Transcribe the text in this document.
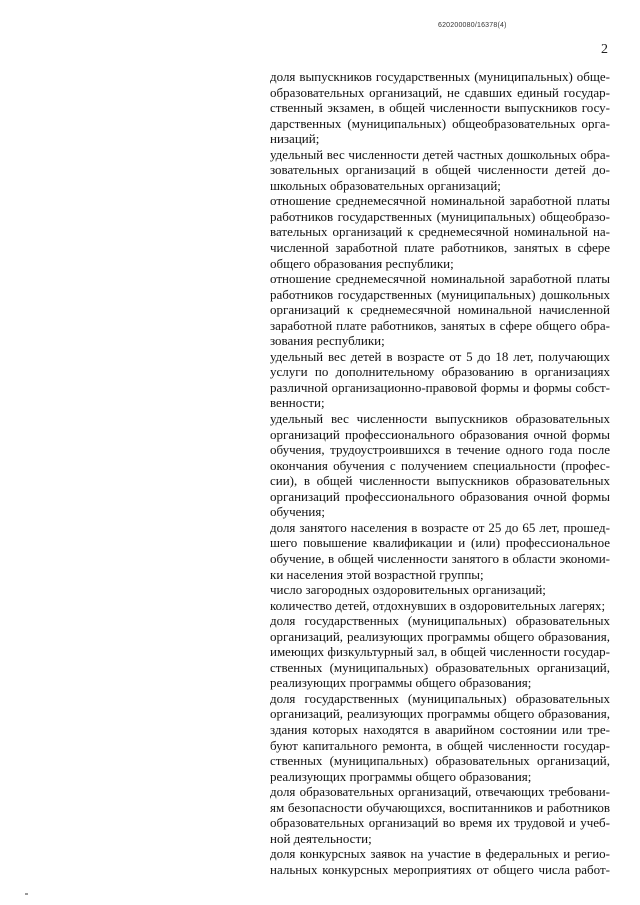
620200080/16378(4)
2
доля выпускников государственных (муниципальных) обще-
образовательных организаций, не сдавших единый государ-
ственный экзамен, в общей численности выпускников госу-
дарственных (муниципальных) общеобразовательных орга-
низаций;
удельный вес численности детей частных дошкольных обра-
зовательных организаций в общей численности детей до-
школьных образовательных организаций;
отношение среднемесячной номинальной заработной платы
работников государственных (муниципальных) общеобразо-
вательных организаций к среднемесячной номинальной на-
численной заработной плате работников, занятых в сфере
общего образования республики;
отношение среднемесячной номинальной заработной платы
работников государственных (муниципальных) дошкольных
организаций к среднемесячной номинальной начисленной
заработной плате работников, занятых в сфере общего обра-
зования республики;
удельный вес детей в возрасте от 5 до 18 лет, получающих
услуги по дополнительному образованию в организациях
различной организационно-правовой формы и формы собст-
венности;
удельный вес численности выпускников образовательных
организаций профессионального образования очной формы
обучения, трудоустроившихся в течение одного года после
окончания обучения с получением специальности (профес-
сии), в общей численности выпускников образовательных
организаций профессионального образования очной формы
обучения;
доля занятого населения в возрасте от 25 до 65 лет, прошед-
шего повышение квалификации и (или) профессиональное
обучение, в общей численности занятого в области экономи-
ки населения этой возрастной группы;
число загородных оздоровительных организаций;
количество детей, отдохнувших в оздоровительных лагерях;
доля государственных (муниципальных) образовательных
организаций, реализующих программы общего образования,
имеющих физкультурный зал, в общей численности государ-
ственных (муниципальных) образовательных организаций,
реализующих программы общего образования;
доля государственных (муниципальных) образовательных
организаций, реализующих программы общего образования,
здания которых находятся в аварийном состоянии или тре-
буют капитального ремонта, в общей численности государ-
ственных (муниципальных) образовательных организаций,
реализующих программы общего образования;
доля образовательных организаций, отвечающих требовани-
ям безопасности обучающихся, воспитанников и работников
образовательных организаций во время их трудовой и учеб-
ной деятельности;
доля конкурсных заявок на участие в федеральных и регио-
нальных конкурсных мероприятиях от общего числа работ-
